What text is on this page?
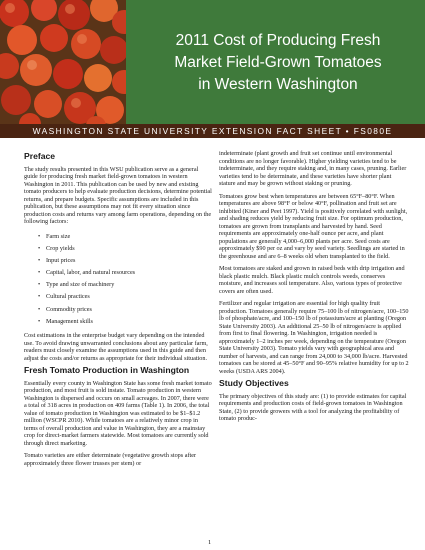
2011 Cost of Producing Fresh
Market Field-Grown Tomatoes
in Western Washington
WASHINGTON STATE UNIVERSITY EXTENSION FACT SHEET • FS080E
Preface

The study results presented in this WSU publication serve as a general guide for producing fresh market field-grown tomatoes in western Washington in 2011. This publication can be used by new and existing tomato producers to help evaluate production decisions, determine potential returns, and prepare budgets. Specific assumptions are included in this publication, but these assumptions may not fit every situation since production costs and returns vary among farm operations, depending on the following factors:

• Farm size
• Crop yields
• Input prices
• Capital, labor, and natural resources
• Type and size of machinery
• Cultural practices
• Commodity prices
• Management skills

Cost estimations in the enterprise budget vary depending on the intended use. To avoid drawing unwarranted conclusions about any particular farm, readers must closely examine the assumptions used in this guide and then adjust the costs and/or returns as appropriate for their individual situation.

Fresh Tomato Production in Washington

Essentially every county in Washington State has some fresh market tomato production, and most fruit is sold instate. Tomato production in western Washington is dispersed and occurs on small acreages. In 2007, there were a total of 318 acres in production on 409 farms (Table 1). In 2006, the total value of tomato production in Washington was estimated to be $1–$1.2 million (WSCPR 2010). While tomatoes are a relatively minor crop in terms of overall production and value in Washington, they are a mainstay crop for direct-market farmers statewide. Most tomatoes are currently sold through direct marketing.

Tomato varieties are either determinate (vegetative growth stops after approximately three flower trusses per stem) or

indeterminate (plant growth and fruit set continue until environmental conditions are no longer favorable). Higher yielding varieties tend to be indeterminate, and they require staking and, in many cases, pruning. Earlier varieties tend to be determinate, and these varieties have shorter plant stature and may be grown without staking or pruning.

Tomatoes grow best when temperatures are between 65°F–80°F. When temperatures are above 98°F or below 40°F, pollination and fruit set are inhibited (Kiner and Peet 1997). Yield is positively correlated with sunlight, and shading reduces yield by reducing fruit size. For optimum production, tomatoes are grown from transplants and harvested by hand. Seed requirements are approximately one-half ounce per acre, and plant populations are generally 4,000–6,000 plants per acre. Seed costs are approximately $90 per oz and vary by seed variety. Seedlings are started in the greenhouse and are 6–8 weeks old when transplanted to the field.

Most tomatoes are staked and grown in raised beds with drip irrigation and black plastic mulch. Black plastic mulch controls weeds, conserves moisture, and increases soil temperature. Also, various types of protective covers are often used.

Fertilizer and regular irrigation are essential for high quality fruit production. Tomatoes generally require 75–100 lb of nitrogen/acre, 100–150 lb of phosphate/acre, and 100–150 lb of potassium/acre at planting (Oregon State University 2003). An additional 25–50 lb of nitrogen/acre is applied from first to final flowering. In Washington, irrigation needed is approximately 1–2 inches per week, depending on the temperature (Oregon State University 2003). Tomato yields vary with geographical area and number of harvests, and can range from 24,000 to 34,000 lb/acre. Harvested tomatoes can be stored at 45–50°F and 90–95% relative humidity for up to 2 weeks (USDA ARS 2004).

Study Objectives

The primary objectives of this study are: (1) to provide estimates for capital requirements and production costs of field-grown tomatoes in Washington State, (2) to provide growers with a tool for analyzing the profitability of tomato produc-

1
